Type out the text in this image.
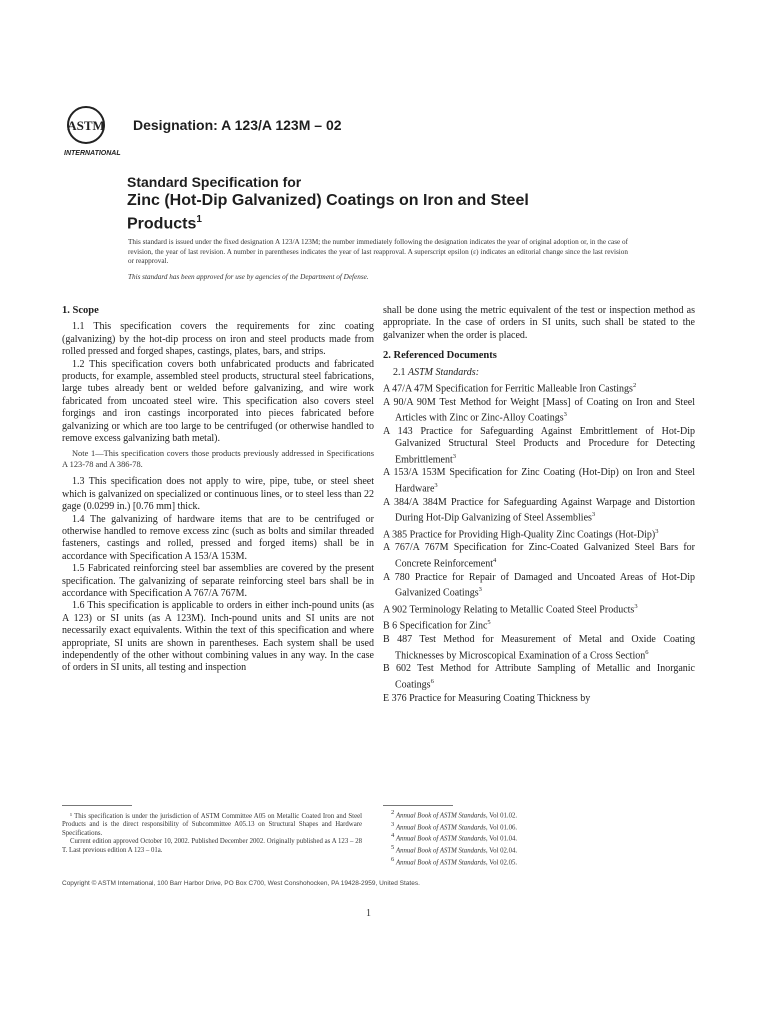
ASTM
INTERNATIONAL
Designation: A 123/A 123M – 02
Standard Specification for
Zinc (Hot-Dip Galvanized) Coatings on Iron and Steel
Products$^1$

This standard is issued under the fixed designation A 123/A 123M; the number immediately following the designation indicates the year of original adoption or, in the case of revision, the year of last revision. A number in parentheses indicates the year of last reapproval. A superscript epsilon (ε) indicates an editorial change since the last revision or reapproval.

This standard has been approved for use by agencies of the Department of Defense.

1. Scope

1.1 This specification covers the requirements for zinc coating (galvanizing) by the hot-dip process on iron and steel products made from rolled pressed and forged shapes, castings, plates, bars, and strips.

1.2 This specification covers both unfabricated products and fabricated products, for example, assembled steel products, structural steel fabrications, large tubes already bent or welded before galvanizing, and wire work fabricated from uncoated steel wire. This specification also covers steel forgings and iron castings incorporated into pieces fabricated before galvanizing or which are too large to be centrifuged (or otherwise handled to remove excess galvanizing bath metal).

Note 1—This specification covers those products previously addressed in Specifications A 123-78 and A 386-78.

1.3 This specification does not apply to wire, pipe, tube, or steel sheet which is galvanized on specialized or continuous lines, or to steel less than 22 gage (0.0299 in.) [0.76 mm] thick.

1.4 The galvanizing of hardware items that are to be centrifuged or otherwise handled to remove excess zinc (such as bolts and similar threaded fasteners, castings and rolled, pressed and forged items) shall be in accordance with Specification A 153/A 153M.

1.5 Fabricated reinforcing steel bar assemblies are covered by the present specification. The galvanizing of separate reinforcing steel bars shall be in accordance with Specification A 767/A 767M.

1.6 This specification is applicable to orders in either inch-pound units (as A 123) or SI units (as A 123M). Inch-pound units and SI units are not necessarily exact equivalents. Within the text of this specification and where appropriate, SI units are shown in parentheses. Each system shall be used independently of the other without combining values in any way. In the case of orders in SI units, all testing and inspection

shall be done using the metric equivalent of the test or inspection method as appropriate. In the case of orders in SI units, such shall be stated to the galvanizer when the order is placed.

2. Referenced Documents

2.1 ASTM Standards:

A 47/A 47M Specification for Ferritic Malleable Iron Castings$^2$

A 90/A 90M Test Method for Weight [Mass] of Coating on Iron and Steel Articles with Zinc or Zinc-Alloy Coatings$^3$

A 143 Practice for Safeguarding Against Embrittlement of Hot-Dip Galvanized Structural Steel Products and Procedure for Detecting Embrittlement$^3$

A 153/A 153M Specification for Zinc Coating (Hot-Dip) on Iron and Steel Hardware$^3$

A 384/A 384M Practice for Safeguarding Against Warpage and Distortion During Hot-Dip Galvanizing of Steel Assemblies$^3$

A 385 Practice for Providing High-Quality Zinc Coatings $(Hot-Dip)^3$

A 767/A 767M Specification for Zinc-Coated Galvanized Steel Bars for Concrete Reinforcement$^4$

A 780 Practice for Repair of Damaged and Uncoated Areas of Hot-Dip Galvanized Coatings$^3$

A 902 Terminology Relating to Metallic Coated Steel Products$^3$

B 6 Specification for Zinc$^5$

B 487 Test Method for Measurement of Metal and Oxide Coating Thicknesses by Microscopical Examination of a Cross Section$^6$

B 602 Test Method for Attribute Sampling of Metallic and Inorganic Coatings$^6$

E 376 Practice for Measuring Coating Thickness by

¹ This specification is under the jurisdiction of ASTM Committee A05 on Metallic Coated Iron and Steel Products and is the direct responsibility of Subcommittee A05.13 on Structural Shapes and Hardware Specifications.

Current edition approved October 10, 2002. Published December 2002. Originally published as A 123 – 28 T. Last previous edition A 123 – 01a.

$^2$ Annual Book of ASTM Standards, Vol 01.02.

$^3$ Annual Book of ASTM Standards, Vol 01.06.

$^4$ Annual Book of ASTM Standards, Vol 01.04.

$^5$ Annual Book of ASTM Standards, Vol 02.04.

$^6$ Annual Book of ASTM Standards, Vol 02.05.

Copyright © ASTM International, 100 Barr Harbor Drive, PO Box C700, West Conshohocken, PA 19428-2959, United States.
1
